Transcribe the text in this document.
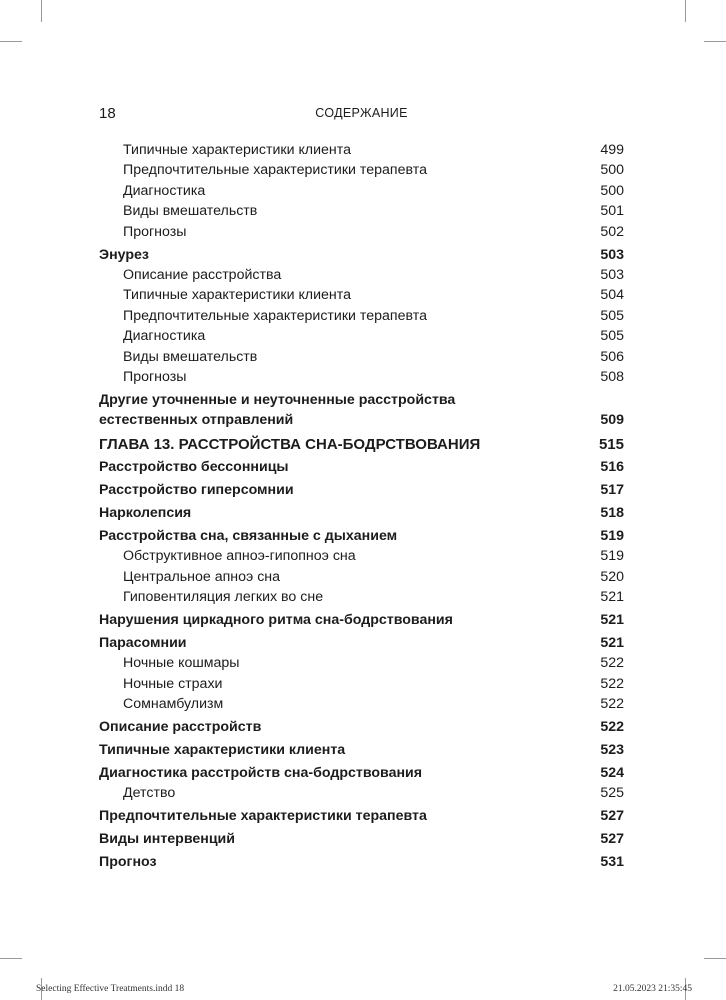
18	СОДЕРЖАНИЕ
Типичные характеристики клиента	499
Предпочтительные характеристики терапевта	500
Диагностика	500
Виды вмешательств	501
Прогнозы	502
Энурез	503
Описание расстройства	503
Типичные характеристики клиента	504
Предпочтительные характеристики терапевта	505
Диагностика	505
Виды вмешательств	506
Прогнозы	508
Другие уточненные и неуточненные расстройства естественных отправлений	509
ГЛАВА 13. РАССТРОЙСТВА СНА-БОДРСТВОВАНИЯ	515
Расстройство бессонницы	516
Расстройство гиперсомнии	517
Нарколепсия	518
Расстройства сна, связанные с дыханием	519
Обструктивное апноэ-гипопноэ сна	519
Центральное апноэ сна	520
Гиповентиляция легких во сне	521
Нарушения циркадного ритма сна-бодрствования	521
Парасомнии	521
Ночные кошмары	522
Ночные страхи	522
Сомнамбулизм	522
Описание расстройств	522
Типичные характеристики клиента	523
Диагностика расстройств сна-бодрствования	524
Детство	525
Предпочтительные характеристики терапевта	527
Виды интервенций	527
Прогноз	531
Selecting Effective Treatments.indd 18	21.05.2023 21:35:45
